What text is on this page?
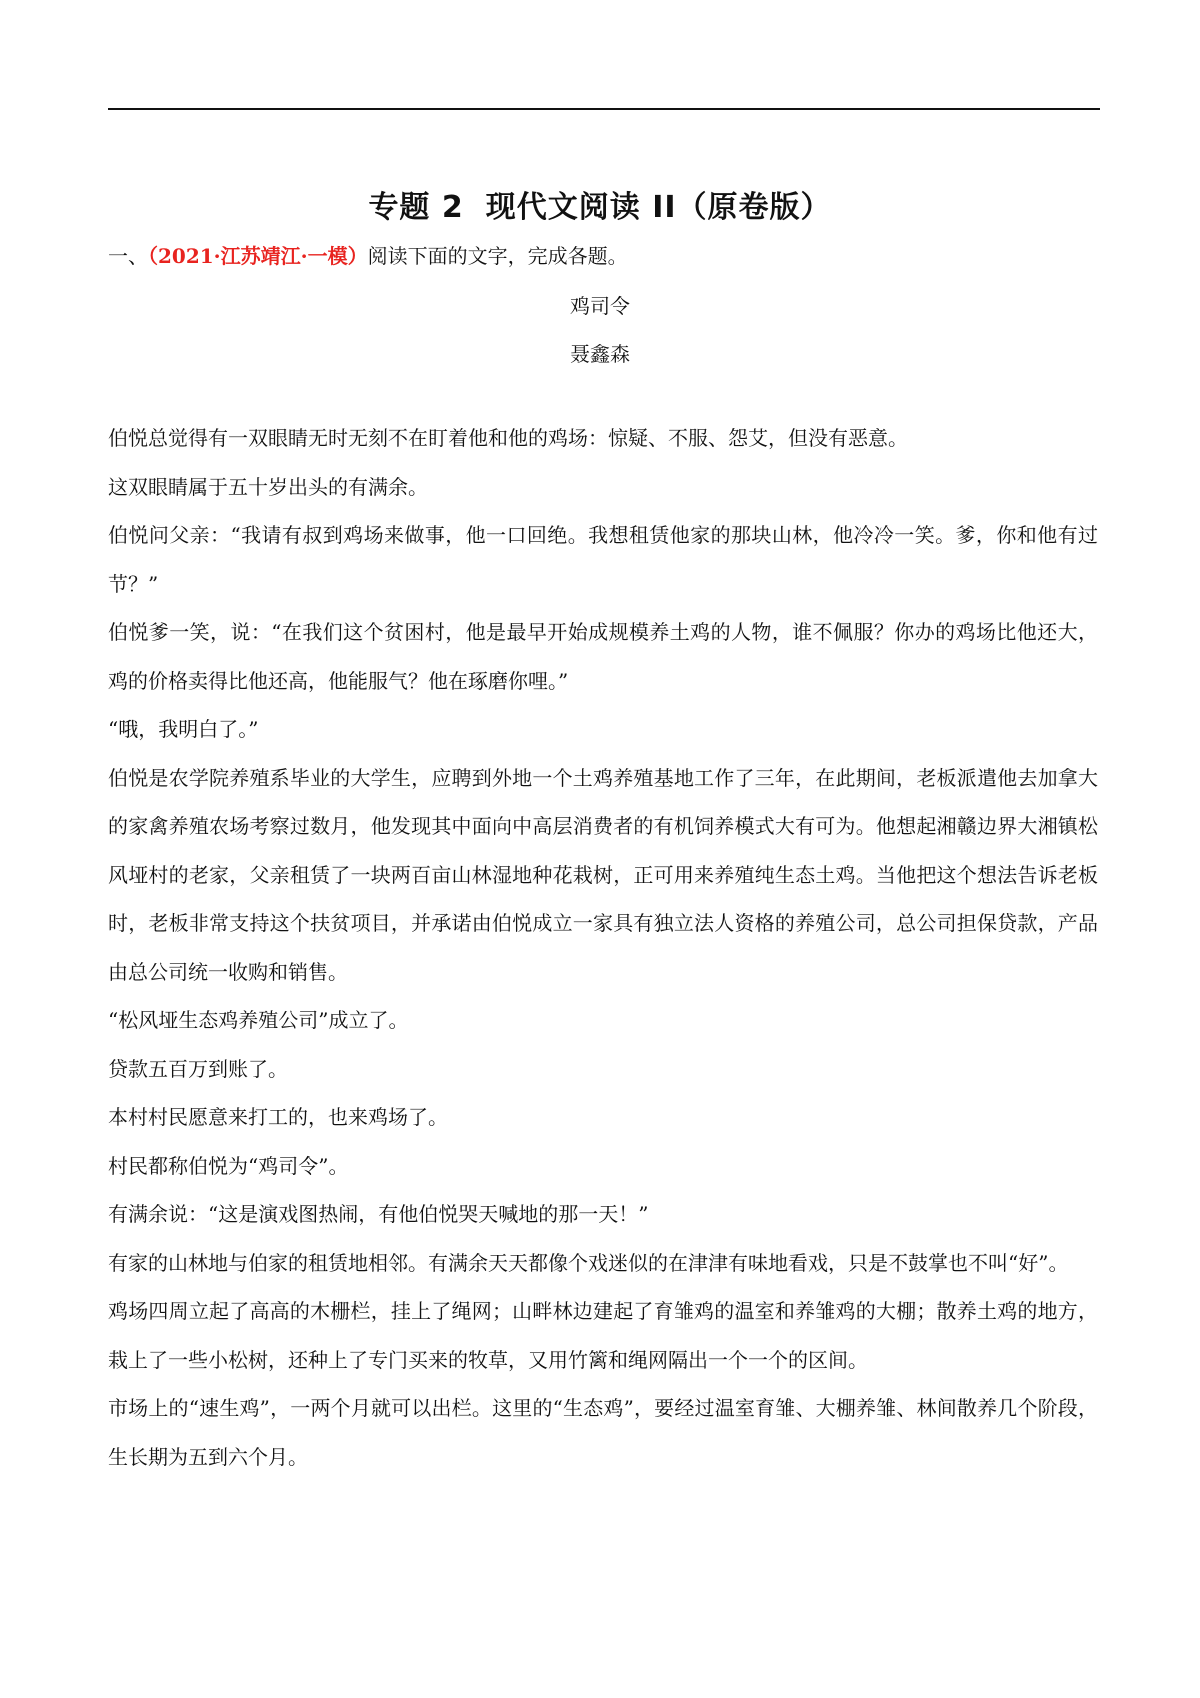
专题 2 现代文阅读 II（原卷版）
一、（2021·江苏靖江·一模）阅读下面的文字，完成各题。
鸡司令
聂鑫森

伯悦总觉得有一双眼睛无时无刻不在盯着他和他的鸡场：惊疑、不服、怨艾，但没有恶意。

这双眼睛属于五十岁出头的有满余。

伯悦问父亲：“我请有叔到鸡场来做事，他一口回绝。我想租赁他家的那块山林，他冷冷一笑。爹，你和他有过节？”

伯悦爹一笑，说：“在我们这个贫困村，他是最早开始成规模养土鸡的人物，谁不佩服？你办的鸡场比他还大，鸡的价格卖得比他还高，他能服气？他在琢磨你哩。”

“哦，我明白了。”

伯悦是农学院养殖系毕业的大学生，应聘到外地一个土鸡养殖基地工作了三年，在此期间，老板派遣他去加拿大的家禽养殖农场考察过数月，他发现其中面向中高层消费者的有机饲养模式大有可为。他想起湘赣边界大湘镇松风垭村的老家，父亲租赁了一块两百亩山林湿地种花栽树，正可用来养殖纯生态土鸡。当他把这个想法告诉老板时，老板非常支持这个扶贫项目，并承诺由伯悦成立一家具有独立法人资格的养殖公司，总公司担保贷款，产品由总公司统一收购和销售。

“松风垭生态鸡养殖公司”成立了。

贷款五百万到账了。

本村村民愿意来打工的，也来鸡场了。

村民都称伯悦为“鸡司令”。

有满余说：“这是演戏图热闹，有他伯悦哭天喊地的那一天！”

有家的山林地与伯家的租赁地相邻。有满余天天都像个戏迷似的在津津有味地看戏，只是不鼓掌也不叫“好”。

鸡场四周立起了高高的木栅栏，挂上了绳网；山畔林边建起了育雏鸡的温室和养雏鸡的大棚；散养土鸡的地方，栽上了一些小松树，还种上了专门买来的牧草，又用竹篱和绳网隔出一个一个的区间。

市场上的“速生鸡”，一两个月就可以出栏。这里的“生态鸡”，要经过温室育雏、大棚养雏、林间散养几个阶段，生长期为五到六个月。
